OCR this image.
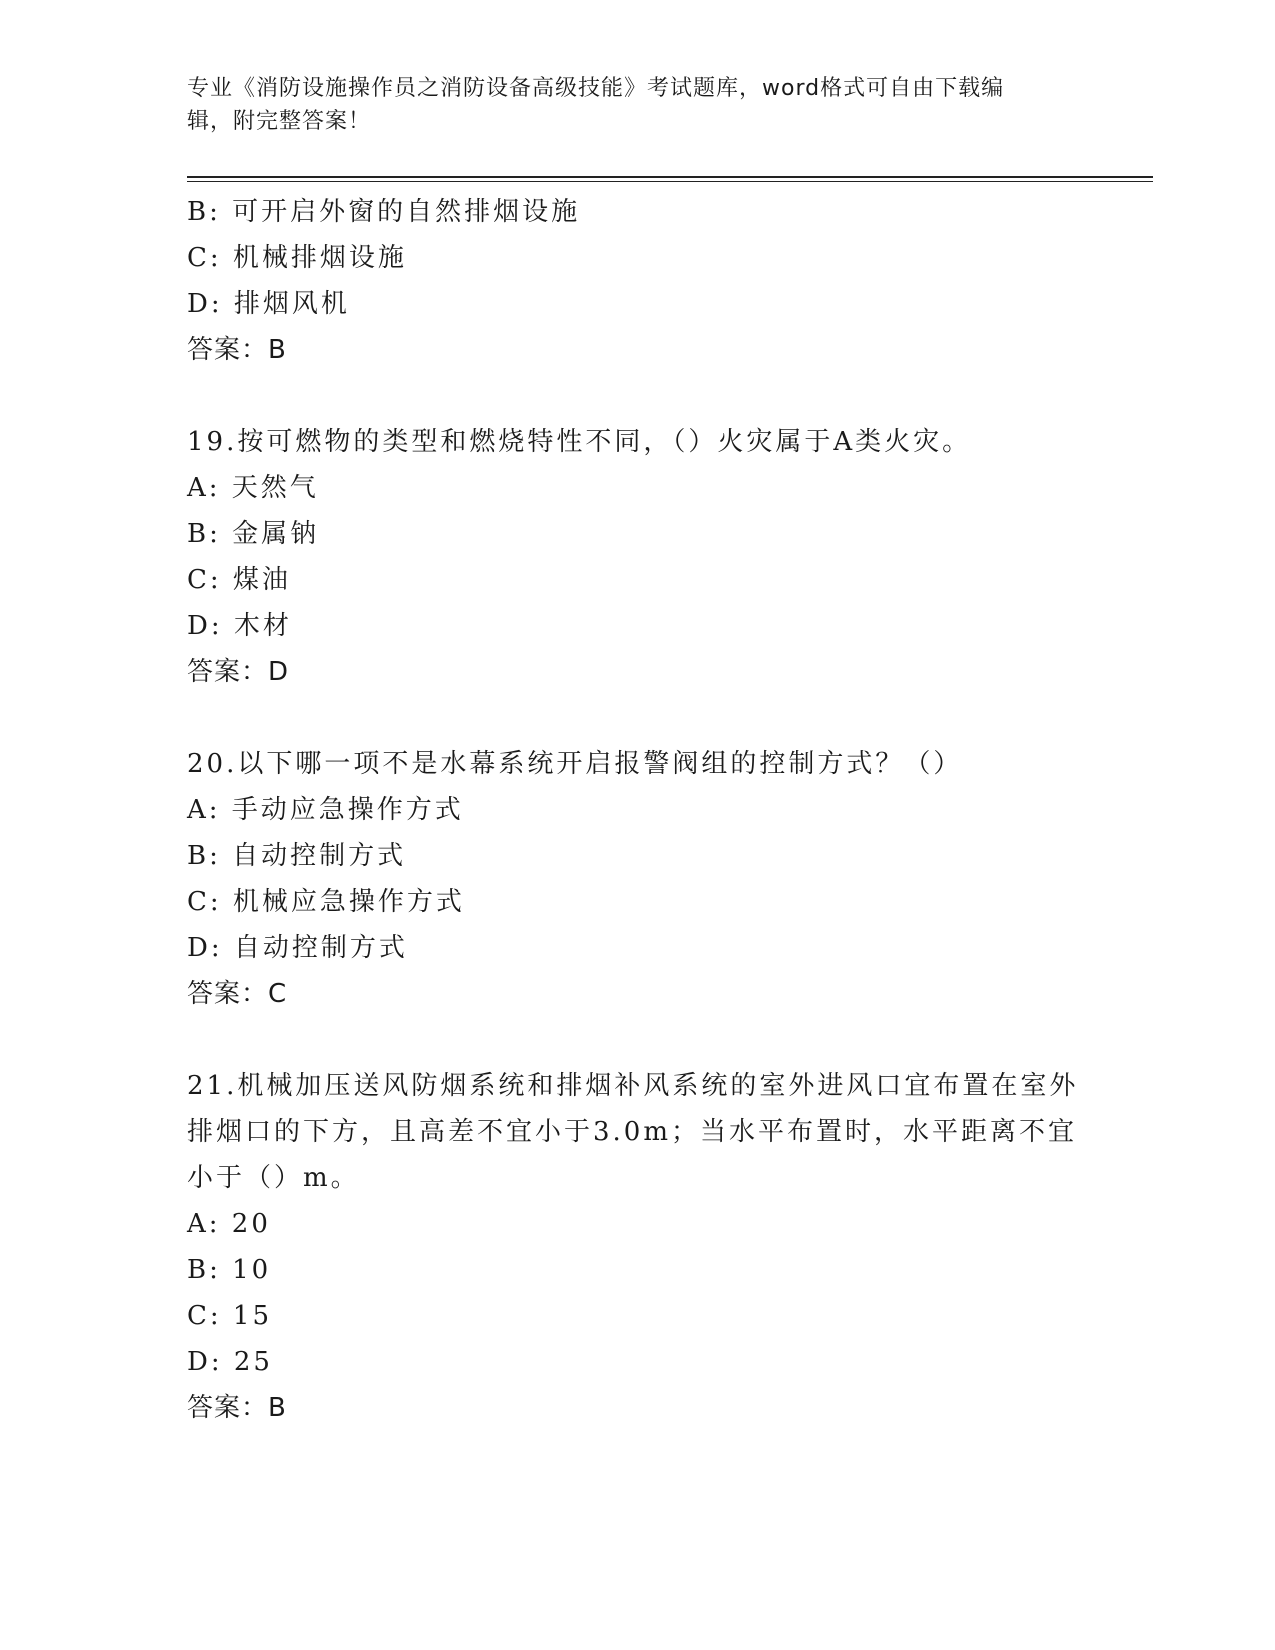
专业《消防设施操作员之消防设备高级技能》考试题库，word格式可自由下载编
辑，附完整答案！
B: 可开启外窗的自然排烟设施
C: 机械排烟设施
D: 排烟风机
答案：B
19.按可燃物的类型和燃烧特性不同，（）火灾属于A类火灾。
A: 天然气
B: 金属钠
C: 煤油
D: 木材
答案：D
20.以下哪一项不是水幕系统开启报警阀组的控制方式？（）
A: 手动应急操作方式
B: 自动控制方式
C: 机械应急操作方式
D: 自动控制方式
答案：C
21.机械加压送风防烟系统和排烟补风系统的室外进风口宜布置在室外
排烟口的下方，且高差不宜小于3.0m；当水平布置时，水平距离不宜
小于（）m。
A: 20
B: 10
C: 15
D: 25
答案：B
